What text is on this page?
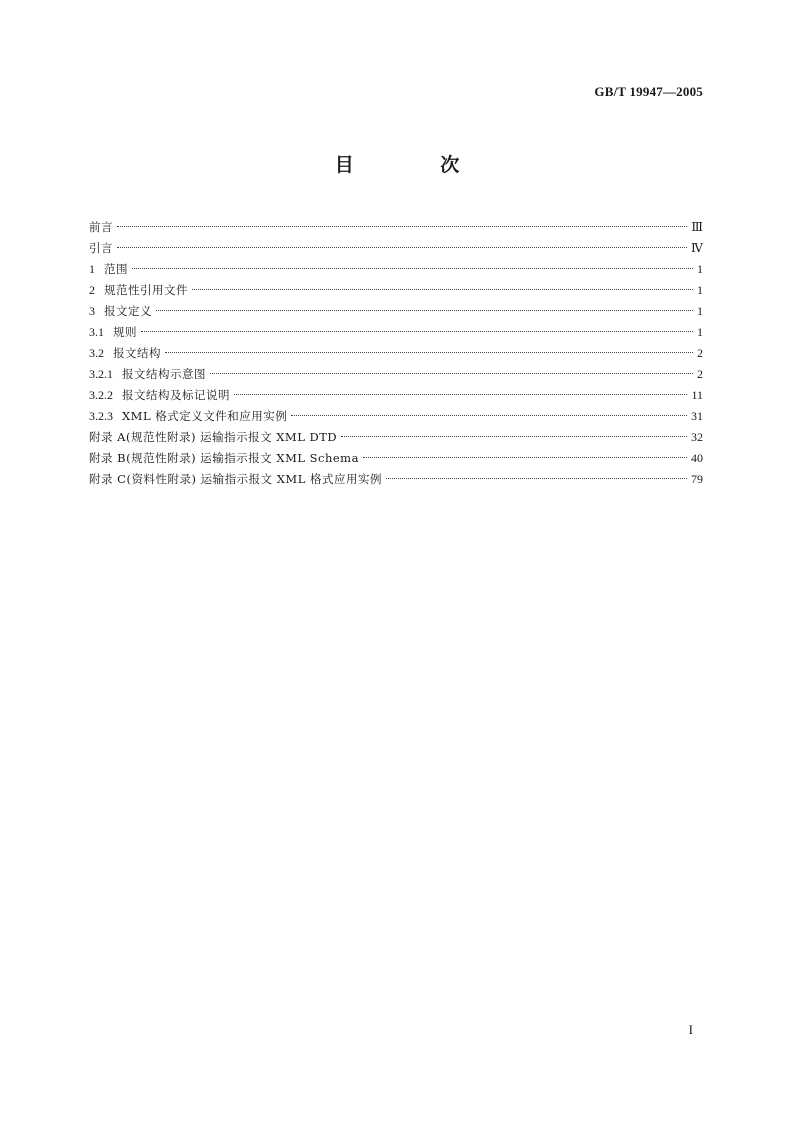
GB/T 19947—2005
目 次
前言	Ⅲ
引言	Ⅳ
1 范围	1
2 规范性引用文件	1
3 报文定义	1
3.1 规则	1
3.2 报文结构	2
3.2.1 报文结构示意图	2
3.2.2 报文结构及标记说明	11
3.2.3 XML 格式定义文件和应用实例	31
附录 A(规范性附录) 运输指示报文 XML DTD	32
附录 B(规范性附录) 运输指示报文 XML Schema	40
附录 C(资料性附录) 运输指示报文 XML 格式应用实例	79
I
